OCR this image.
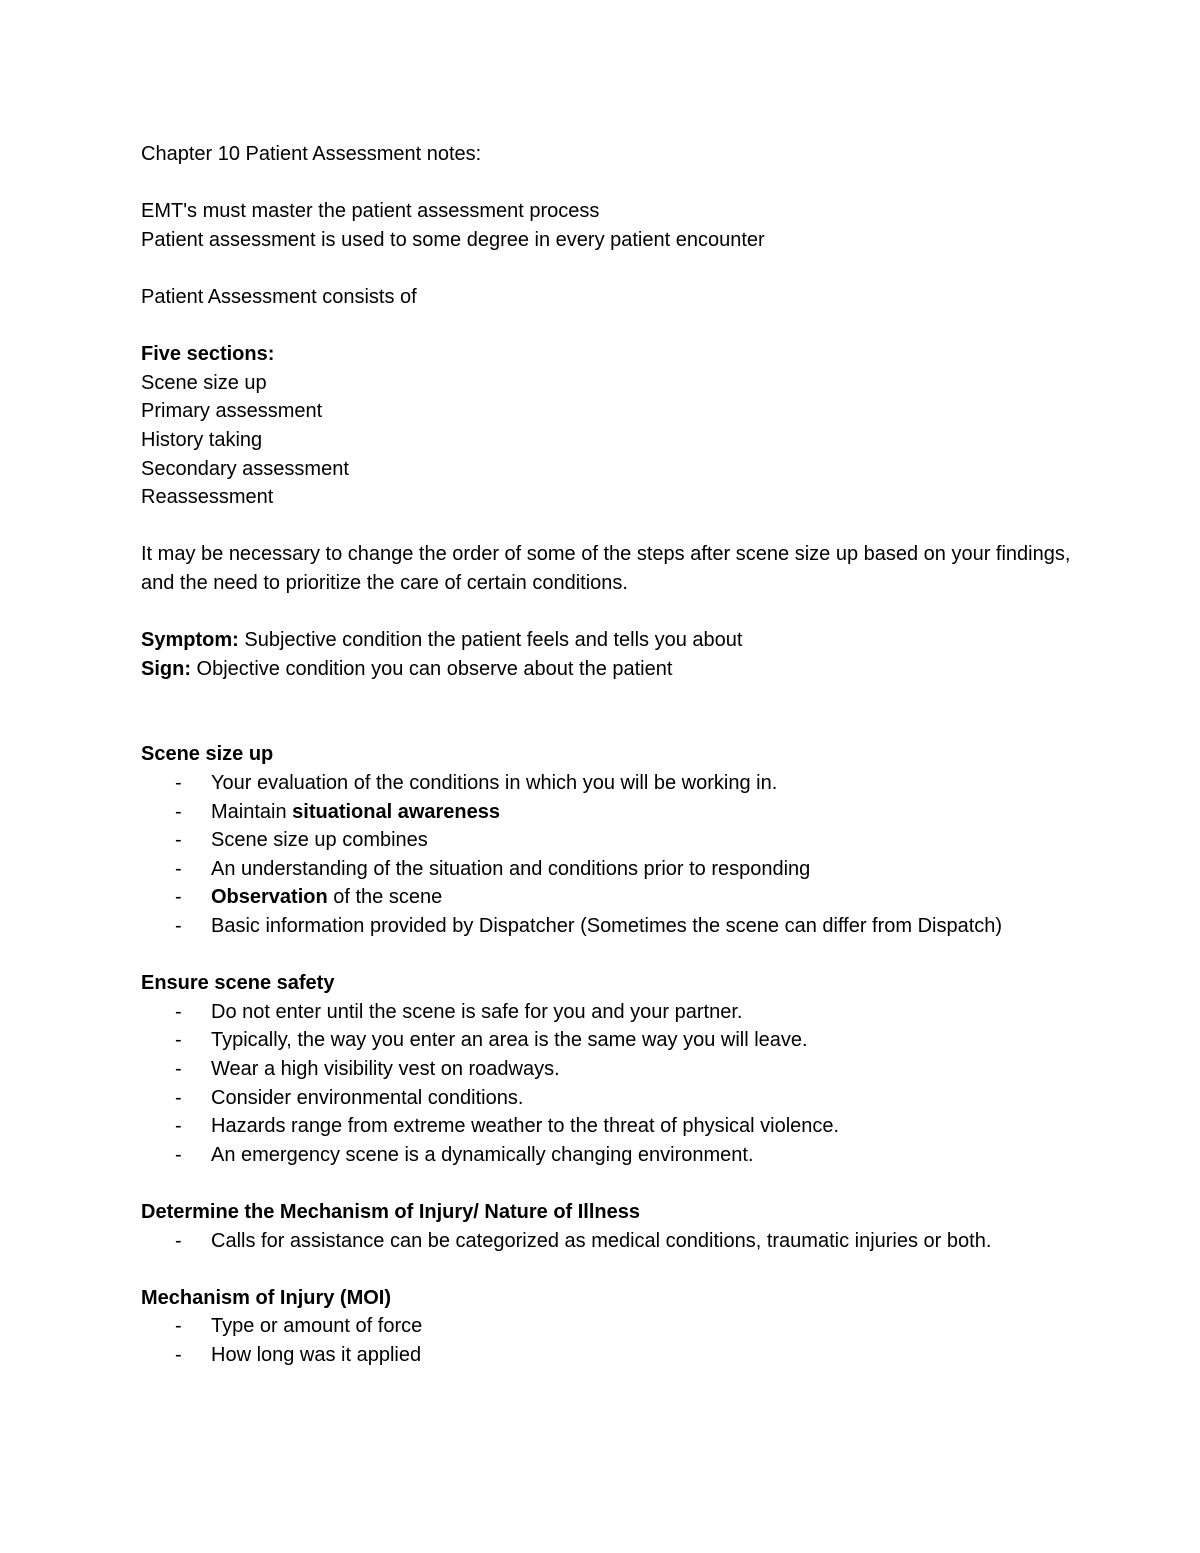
Chapter 10 Patient Assessment notes:

EMT's must master the patient assessment process

Patient assessment is used to some degree in every patient encounter

Patient Assessment consists of

Five sections:

Scene size up

Primary assessment

History taking

Secondary assessment

Reassessment

It may be necessary to change the order of some of the steps after scene size up based on your findings, and the need to prioritize the care of certain conditions.

Symptom: Subjective condition the patient feels and tells you about

Sign: Objective condition you can observe about the patient

Scene size up
- Your evaluation of the conditions in which you will be working in.
- Maintain situational awareness
- Scene size up combines
- An understanding of the situation and conditions prior to responding
- Observation of the scene
- Basic information provided by Dispatcher (Sometimes the scene can differ from Dispatch)
Ensure scene safety
- Do not enter until the scene is safe for you and your partner.
- Typically, the way you enter an area is the same way you will leave.
- Wear a high visibility vest on roadways.
- Consider environmental conditions.
- Hazards range from extreme weather to the threat of physical violence.
- An emergency scene is a dynamically changing environment.
Determine the Mechanism of Injury/ Nature of Illness
- Calls for assistance can be categorized as medical conditions, traumatic injuries or both.
Mechanism of Injury (MOI)
- Type or amount of force
- How long was it applied
